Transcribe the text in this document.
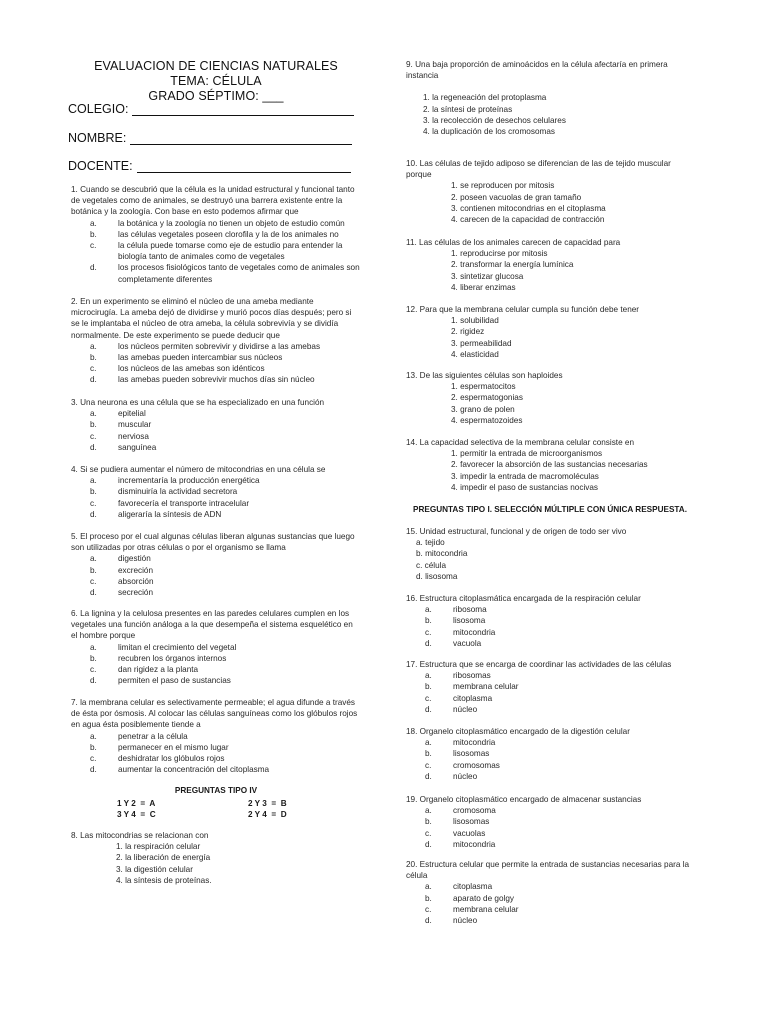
EVALUACION DE CIENCIAS NATURALES
TEMA: CÉLULA
GRADO SÉPTIMO: ___
COLEGIO:
NOMBRE:
DOCENTE:

1. Cuando se descubrió que la célula es la unidad estructural y funcional tanto de vegetales como de animales, se destruyó una barrera existente entre la botánica y la zoología. Con base en esto podemos afirmar que

a.	la botánica y la zoología no tienen un objeto de estudio común
b.	las células vegetales poseen clorofila y la de los animales no
c.	la célula puede tomarse como eje de estudio para entender la biología tanto de animales como de vegetales
d.	los procesos fisiológicos tanto de vegetales como de animales son completamente diferentes

2. En un experimento se eliminó el núcleo de una ameba mediante microcirugía. La ameba dejó de dividirse y murió pocos días después; pero si se le implantaba el núcleo de otra ameba, la célula sobrevivía y se dividía normalmente. De este experimento se puede deducir que

a.	los núcleos permiten sobrevivir y dividirse a las amebas
b.	las amebas pueden intercambiar sus núcleos
c.	los núcleos de las amebas son idénticos
d.	las amebas pueden sobrevivir muchos días sin núcleo

3. Una neurona es una célula que se ha especializado en una función

a.	epitelial
b.	muscular
c.	nerviosa
d.	sanguínea

4. Si se pudiera aumentar el número de mitocondrias en una célula se

a.	incrementaría la producción energética
b.	disminuiría la actividad secretora
c.	favorecería el transporte intracelular
d.	aligeraría la síntesis de ADN

5. El proceso por el cual algunas células liberan algunas sustancias que luego son utilizadas por otras células o por el organismo se llama

a.	digestión
b.	excreción
c.	absorción
d.	secreción

6. La lignina y la celulosa presentes en las paredes celulares cumplen en los vegetales una función análoga a la que desempeña el sistema esquelético en el hombre porque

a.	limitan el crecimiento del vegetal
b.	recubren los órganos internos
c.	dan rigidez a la planta
d.	permiten el paso de sustancias

7. la membrana celular es selectivamente permeable; el agua difunde a través de ésta por ósmosis. Al colocar las células sanguíneas como los glóbulos rojos en agua ésta posiblemente tiende a

a.	penetrar a la célula
b.	permanecer en el mismo lugar
c.	deshidratar los glóbulos rojos
d.	aumentar la concentración del citoplasma
PREGUNTAS TIPO IV
1 Y 2  =  A	2 Y 3  =  B
3 Y 4  =  C	2 Y 4  =  D

8. Las mitocondrias se relacionan con

1. la respiración celular
2. la liberación de energía
3. la digestión celular
4. la síntesis de proteínas.

9. Una baja proporción de aminoácidos en la célula afectaría en primera instancia

1. la regeneación del protoplasma
2. la síntesi de proteínas
3. la recolección de desechos celulares
4. la duplicación de los cromosomas

10. Las células de tejido adiposo se diferencian de las de tejido muscular porque

1. se reproducen por mitosis
2. poseen vacuolas de gran tamaño
3. contienen mitocondrias en el citoplasma
4. carecen de la capacidad de contracción

11. Las células de los animales carecen de capacidad para

1. reproducirse por mitosis
2. transformar la energía lumínica
3. sintetizar glucosa
4. liberar enzimas

12. Para que la membrana celular cumpla su función debe tener

1. solubilidad
2. rigidez
3. permeabilidad
4. elasticidad

13. De las siguientes células son haploides

1. espermatocitos
2. espermatogonias
3. grano de polen
4. espermatozoides

14. La capacidad selectiva de la membrana celular consiste en

1. permitir la entrada de microorganismos
2. favorecer la absorción de las sustancias necesarias
3. impedir la entrada de macromoléculas
4. impedir el paso de sustancias nocivas
PREGUNTAS TIPO I. SELECCIÓN MÚLTIPLE CON ÚNICA RESPUESTA.

15. Unidad estructural, funcional y de origen de todo ser vivo

a. tejido
b. mitocondria
c. célula
d. lisosoma

16. Estructura citoplasmática encargada de la respiración celular

a.	ribosoma
b.	lisosoma
c.	mitocondria
d.	vacuola

17. Estructura que se encarga de coordinar las actividades de las células

a.	ribosomas
b.	membrana celular
c.	citoplasma
d.	núcleo

18. Organelo citoplasmático encargado de la digestión celular

a.	mitocondria
b.	lisosomas
c.	cromosomas
d.	núcleo

19. Organelo citoplasmático encargado de almacenar sustancias

a.	cromosoma
b.	lisosomas
c.	vacuolas
d.	mitocondria

20. Estructura celular que permite la entrada de sustancias necesarias para la célula

a.	citoplasma
b.	aparato de golgy
c.	membrana celular
d.	núcleo
